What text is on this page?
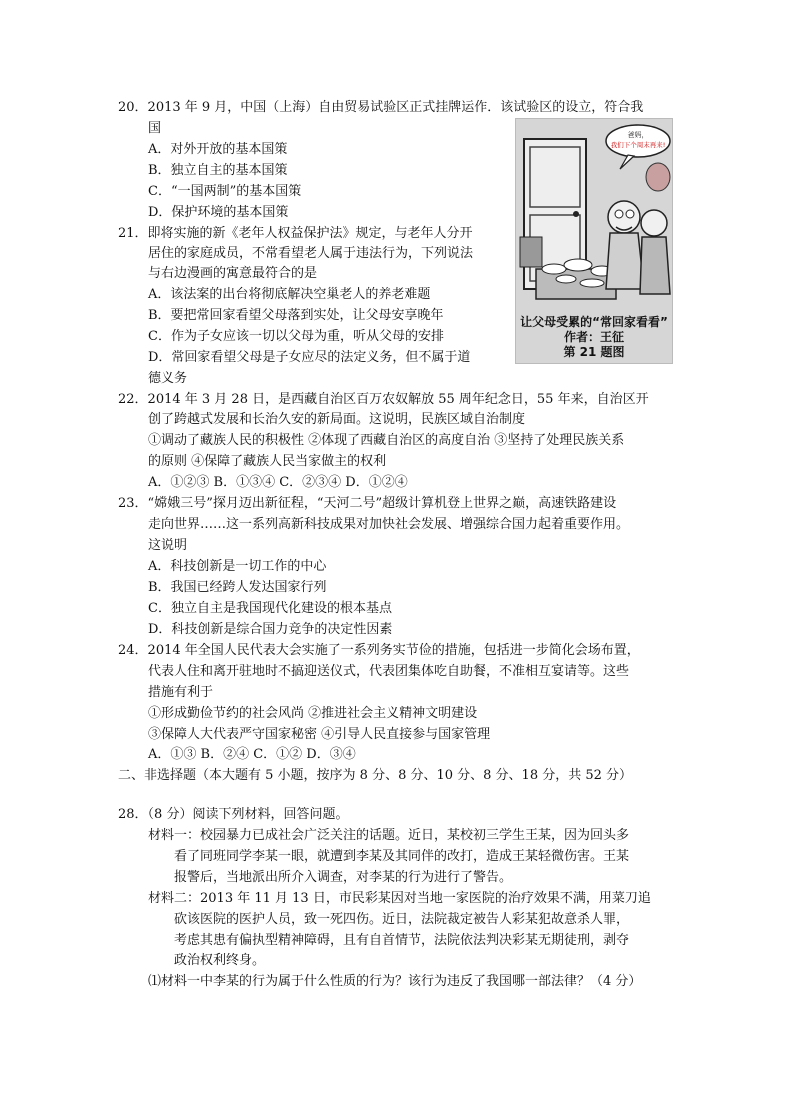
20．2013 年 9 月，中国（上海）自由贸易试验区正式挂牌运作．该试验区的设立，符合我
国
A．对外开放的基本国策
B．独立自主的基本国策
C．“一国两制”的基本国策
D．保护环境的基本国策
21．即将实施的新《老年人权益保护法》规定，与老年人分开
居住的家庭成员，不常看望老人属于违法行为，下列说法
与右边漫画的寓意最符合的是
A．该法案的出台将彻底解决空巢老人的养老难题
B．要把常回家看望父母落到实处，让父母安享晚年
C．作为子女应该一切以父母为重，听从父母的安排
D．常回家看望父母是子女应尽的法定义务，但不属于道
德义务
爸妈，
我们下个周末再来!
让父母受累的“常回家看看”
作者：王征
第 21 题图
22．2014 年 3 月 28 日，是西藏自治区百万农奴解放 55 周年纪念日，55 年来，自治区开
创了跨越式发展和长治久安的新局面。这说明，民族区域自治制度
①调动了藏族人民的积极性 ②体现了西藏自治区的高度自治 ③坚持了处理民族关系
的原则 ④保障了藏族人民当家做主的权利
A．①②③ B．①③④ C．②③④ D．①②④
23．“嫦娥三号”探月迈出新征程，“天河二号”超级计算机登上世界之巅，高速铁路建设
走向世界……这一系列高新科技成果对加快社会发展、增强综合国力起着重要作用。
这说明
A．科技创新是一切工作的中心
B．我国已经跨人发达国家行列
C．独立自主是我国现代化建设的根本基点
D．科技创新是综合国力竞争的决定性因素
24．2014 年全国人民代表大会实施了一系列务实节俭的措施，包括进一步简化会场布置，
代表人住和离开驻地时不搞迎送仪式，代表团集体吃自助餐，不准相互宴请等。这些
措施有利于
①形成勤俭节约的社会风尚 ②推进社会主义精神文明建设
③保障人大代表严守国家秘密 ④引导人民直接参与国家管理
A．①③ B．②④ C．①② D．③④
二、非选择题（本大题有 5 小题，按序为 8 分、8 分、10 分、8 分、18 分，共 52 分）
28．（8 分）阅读下列材料，回答问题。
材料一：校园暴力已成社会广泛关注的话题。近日，某校初三学生王某，因为回头多
看了同班同学李某一眼，就遭到李某及其同伴的改打，造成王某轻微伤害。王某
报警后，当地派出所介入调查，对李某的行为进行了警告。
材料二：2013 年 11 月 13 日，市民彩某因对当地一家医院的治疗效果不满，用菜刀追
砍该医院的医护人员，致一死四伤。近日，法院裁定被告人彩某犯故意杀人罪，
考虑其患有偏执型精神障碍，且有自首情节，法院依法判决彩某无期徒刑，剥夺
政治权利终身。
⑴材料一中李某的行为属于什么性质的行为？该行为违反了我国哪一部法律？（4 分）
